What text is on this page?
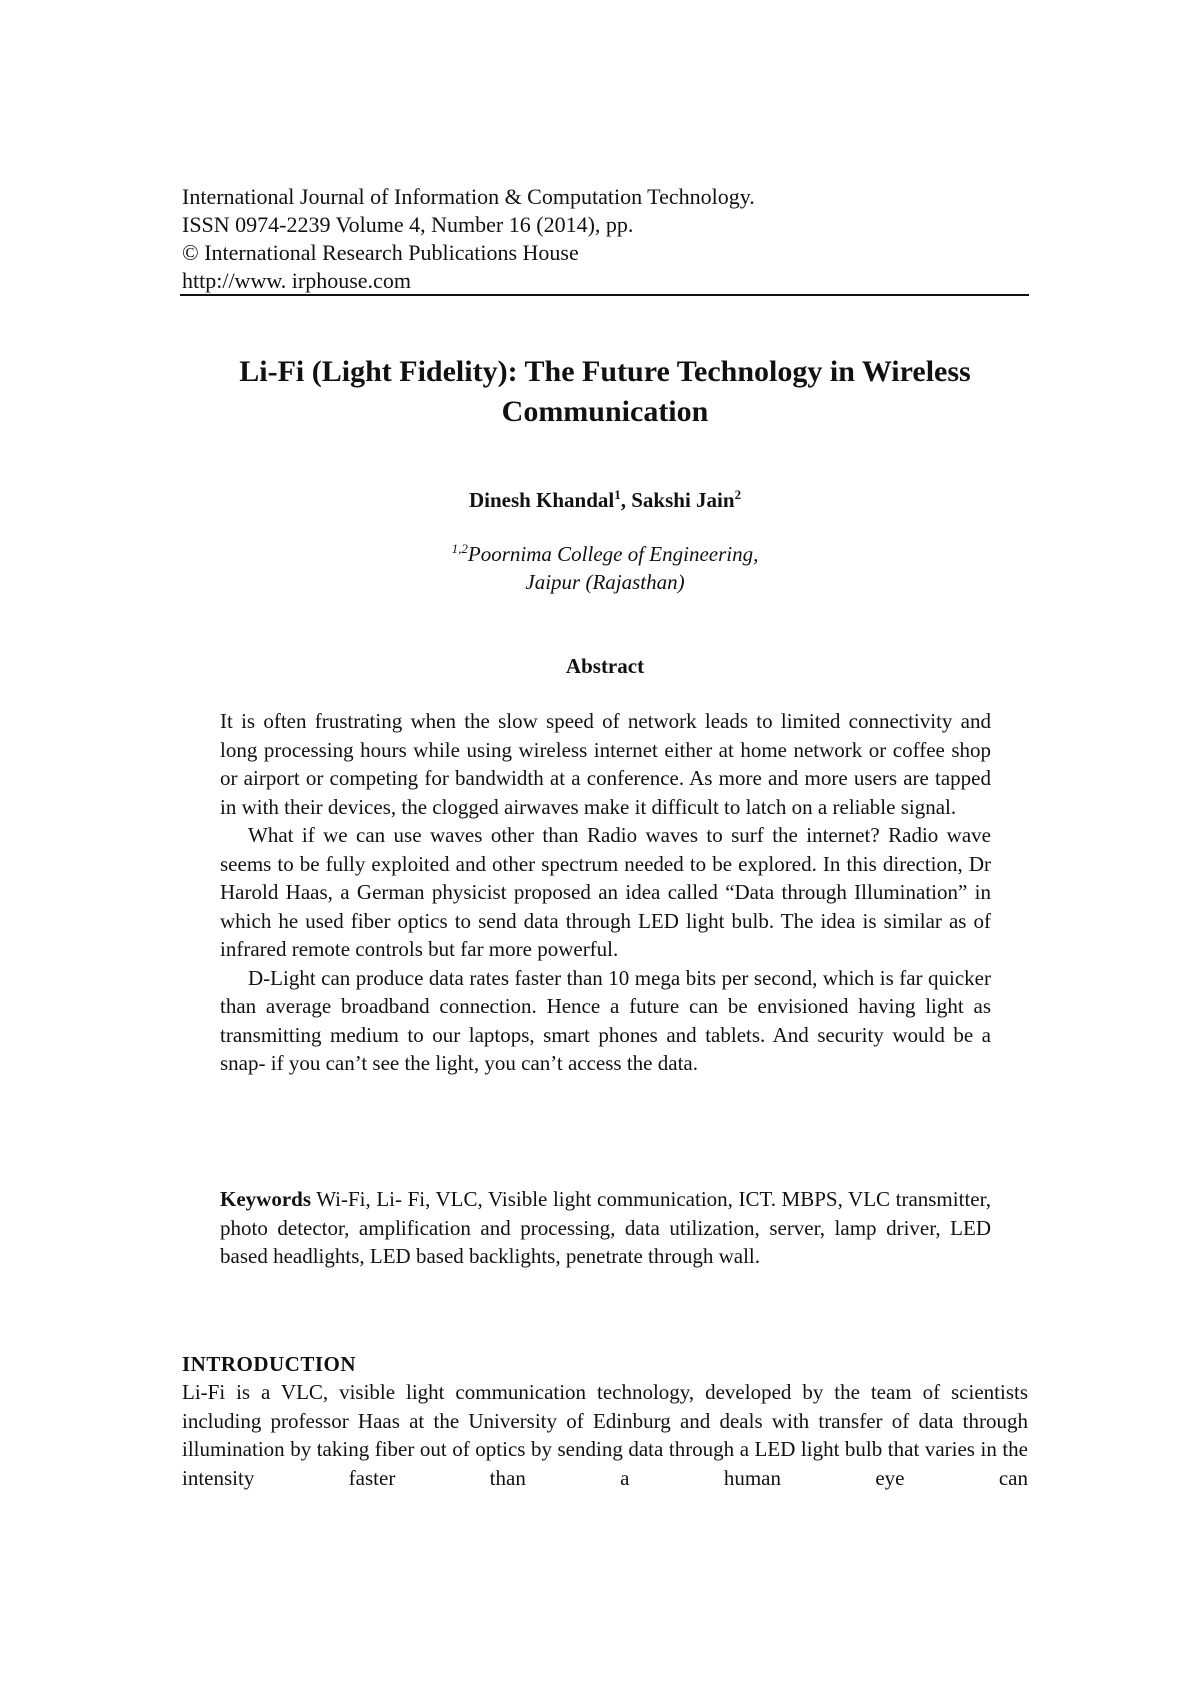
International Journal of Information & Computation Technology.
ISSN 0974-2239 Volume 4, Number 16 (2014), pp.
© International Research Publications House
http://www. irphouse.com
Li-Fi (Light Fidelity): The Future Technology in Wireless
Communication
Dinesh Khandal$^1$, Sakshi Jain$^2$
$^{1,2}$Poornima College of Engineering,
Jaipur (Rajasthan)
Abstract

It is often frustrating when the slow speed of network leads to limited connectivity and long processing hours while using wireless internet either at home network or coffee shop or airport or competing for bandwidth at a conference. As more and more users are tapped in with their devices, the clogged airwaves make it difficult to latch on a reliable signal.

What if we can use waves other than Radio waves to surf the internet? Radio wave seems to be fully exploited and other spectrum needed to be explored. In this direction, Dr Harold Haas, a German physicist proposed an idea called “Data through Illumination” in which he used fiber optics to send data through LED light bulb. The idea is similar as of infrared remote controls but far more powerful.

D-Light can produce data rates faster than 10 mega bits per second, which is far quicker than average broadband connection. Hence a future can be envisioned having light as transmitting medium to our laptops, smart phones and tablets. And security would be a snap- if you can’t see the light, you can’t access the data.

Keywords Wi-Fi, Li- Fi, VLC, Visible light communication, ICT. MBPS, VLC transmitter, photo detector, amplification and processing, data utilization, server, lamp driver, LED based headlights, LED based backlights, penetrate through wall.

INTRODUCTION

Li-Fi is a VLC, visible light communication technology, developed by the team of scientists including professor Haas at the University of Edinburg and deals with transfer of data through illumination by taking fiber out of optics by sending data through a LED light bulb that varies in the intensity faster than a human eye can
